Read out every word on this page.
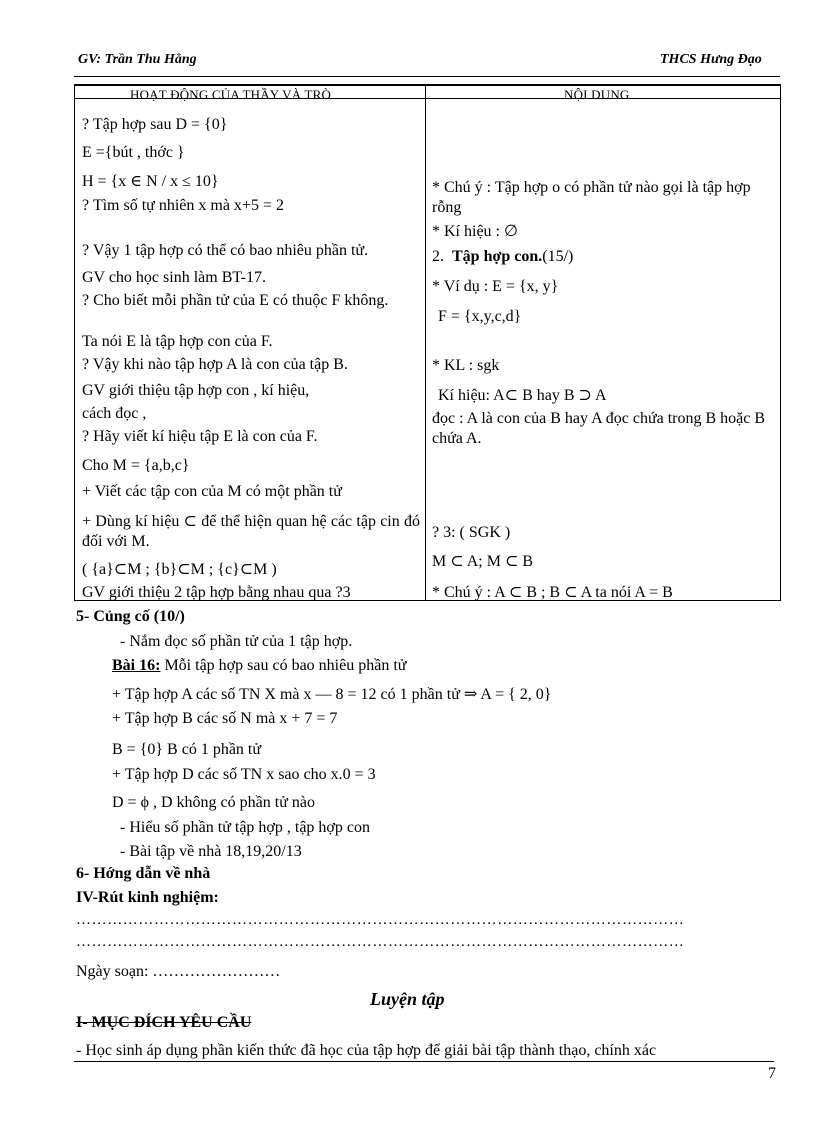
GV: Trần Thu Hằng	THCS Hưng Đạo
HOẠT ĐỘNG CỦA THẦY VÀ TRÒ	NỘI DUNG
? Tập hợp sau D = {0}
E ={bút , thớc }
H = {x ∈ N / x ≤ 10}
? Tìm số tự nhiên x mà x+5 = 2
? Vậy 1 tập hợp có thể có bao nhiêu phần tử.
GV cho học sinh làm BT-17.
? Cho biết mỗi phần tử của E có thuộc F không.
Ta nói E là tập hợp con của F.
? Vậy khi nào tập hợp A là con của tập B.
GV giới thiệu tập hợp con , kí hiệu,
cách đọc ,
? Hãy viết kí hiệu tập E là con của F.
Cho M = {a,b,c}
+ Viết các tập con của M có một phần tử
+ Dùng kí hiệu ⊂ để thể hiện quan hệ các tập cin đó đối với M.
( {a}⊂M ; {b}⊂M ; {c}⊂M )
GV giới thiệu 2 tập hợp bằng nhau qua ?3
* Chú ý : Tập hợp o có phần tử nào gọi là tập hợp rỗng
* Kí hiệu : ∅
2. Tập hợp con.(15/)
* Ví dụ : E = {x, y}
F = {x,y,c,d}
* KL : sgk
Kí hiệu: A⊂ B hay B ⊃ A
đọc : A là con của B hay A đọc chứa trong B hoặc B chứa A.
? 3: ( SGK )
M ⊂ A; M ⊂ B
* Chú ý : A ⊂ B ; B ⊂ A ta nói A = B
5- Củng cố (10/)
- Nắm đọc số phần tử của 1 tập hợp.
Bài 16: Mỗi tập hợp sau có bao nhiêu phần tử
+ Tập hợp A các số TN X mà x — 8 = 12 có 1 phần tử ⇒ A = { 2, 0}
+ Tập hợp B các số N mà x + 7 = 7
B = {0} B có 1 phần tử
+ Tập hợp D các số TN x sao cho x.0 = 3
D = ϕ , D không có phần tử nào
- Hiểu số phần tử tập hợp , tập hợp con
- Bài tập về nhà 18,19,20/13
6- Hớng dẫn về nhà
IV-Rút kinh nghiệm:
………………………………………………………………………………………………………
………………………………………………………………………………………………………
Ngày soạn: ……………………
Luyện tập
I- MỤC ĐÍCH YÊU CẦU
- Học sinh áp dụng phần kiến thức đã học của tập hợp để giải bài tập thành thạo, chính xác
7
